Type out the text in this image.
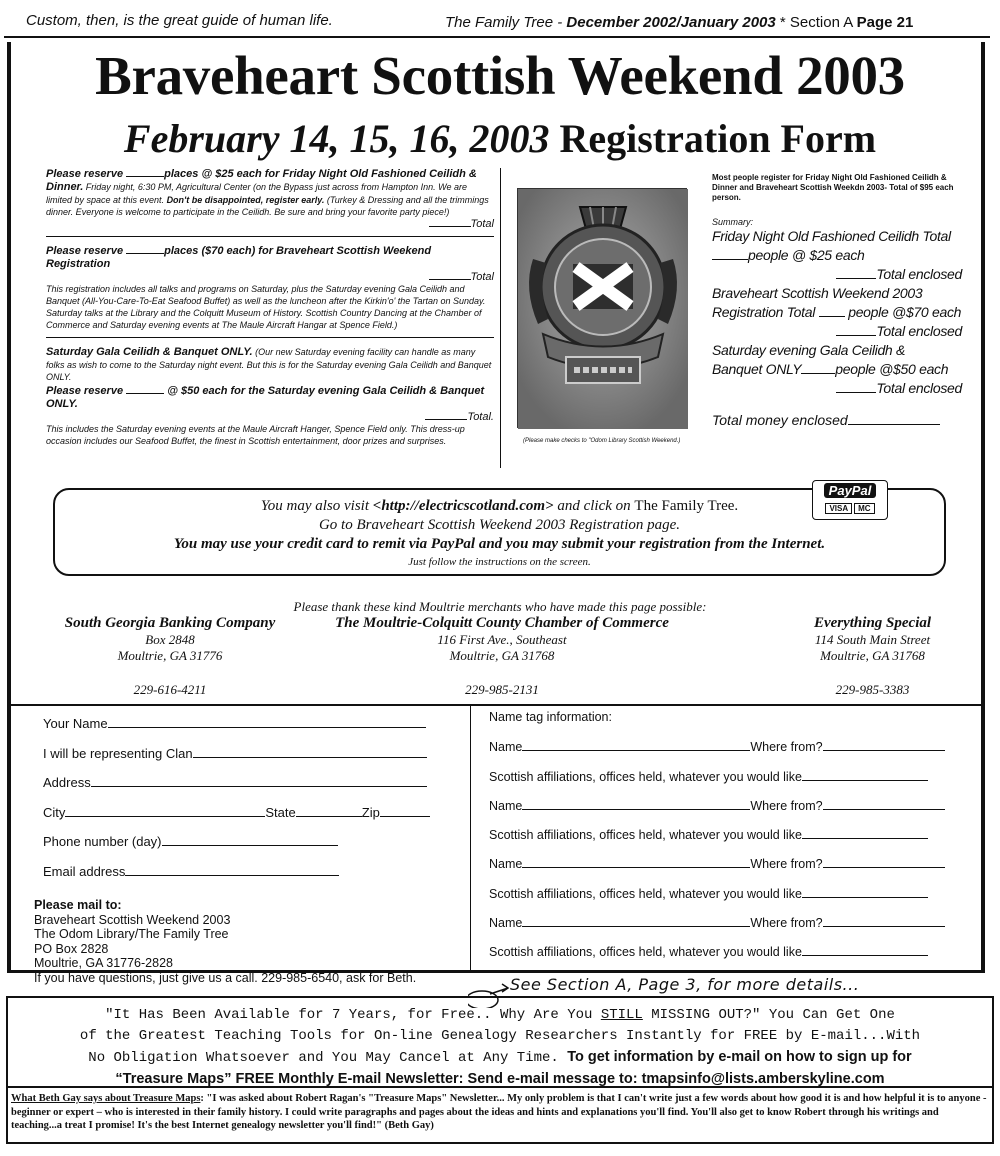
Custom, then, is the great guide of human life.	The Family Tree - December 2002/January 2003 * Section A Page 21
Braveheart Scottish Weekend 2003
February 14, 15, 16, 2003 Registration Form
Please reserve	places @ $25 each for Friday Night Old Fashioned Ceilidh & Dinner. Friday night, 6:30 PM, Agricultural Center (on the Bypass just across from Hampton Inn. We are limited by space at this event. Don't be disappointed, register early. (Turkey & Dressing and all the trimmings dinner. Everyone is welcome to participate in the Ceilidh. Be sure and bring your favorite party piece!)
Total
Please reserve	places ($70 each) for Braveheart Scottish Weekend Registration
Total
This registration includes all talks and programs on Saturday, plus the Saturday evening Gala Ceilidh and Banquet (All-You-Care-To-Eat Seafood Buffet) as well as the luncheon after the Kirkin'o' the Tartan on Sunday. Saturday talks at the Library and the Colquitt Museum of History. Scottish Country Dancing at the Chamber of Commerce and Saturday evening events at The Maule Aircraft Hangar at Spence Field.)
Saturday Gala Ceilidh & Banquet ONLY. (Our new Saturday evening facility can handle as many folks as wish to come to the Saturday night event. But this is for the Saturday evening Gala Ceilidh and Banquet ONLY.
Please reserve	@ $50 each for the Saturday evening Gala Ceilidh & Banquet ONLY.
Total.
This includes the Saturday evening events at the Maule Aircraft Hanger, Spence Field only. This dress-up occasion includes our Seafood Buffet, the finest in Scottish entertainment, door prizes and surprises.	(Please make checks to "Odom Library Scottish Weekend.)
Most people register for Friday Night Old Fashioned Ceilidh & Dinner and Braveheart Scottish Weekdn 2003- Total of $95 each person.
Summary:
Friday Night Old Fashioned Ceilidh Total
people @ $25 each
Total enclosed
Braveheart Scottish Weekend 2003
Registration Total  people @$70 each
Total enclosed
Saturday evening Gala Ceilidh &
Banquet ONLY people @$50 each
Total enclosed
Total money enclosed
You may also visit <http://electricscotland.com> and click on The Family Tree.
Go to Braveheart Scottish Weekend 2003 Registration page.
You may use your credit card to remit via PayPal and you may submit your registration from the Internet.
Just follow the instructions on the screen.
PayPal
VISA MC
Please thank these kind Moultrie merchants who have made this page possible:
South Georgia Banking Company
Box 2848
Moultrie, GA 31776
229-616-4211
The Moultrie-Colquitt County Chamber of Commerce
116 First Ave., Southeast
Moultrie, GA 31768
229-985-2131
Everything Special
114 South Main Street
Moultrie, GA 31768
229-985-3383
Your Name
I will be representing Clan
Address
City	State	Zip
Phone number (day)
Email address
Please mail to:
Braveheart Scottish Weekend 2003
The Odom Library/The Family Tree
PO Box 2828
Moultrie, GA 31776-2828
If you have questions, just give us a call. 229-985-6540, ask for Beth.
Name tag information:
Name	Where from?
Scottish affiliations, offices held, whatever you would like
Name	Where from?
Scottish affiliations, offices held, whatever you would like
Name	Where from?
Scottish affiliations, offices held, whatever you would like
Name	Where from?
Scottish affiliations, offices held, whatever you would like
See Section A, Page 3, for more details...
"It Has Been Available for 7 Years, for Free.. Why Are You STILL MISSING OUT?" You Can Get One
of the Greatest Teaching Tools for On-line Genealogy Researchers Instantly for FREE by E-mail...With
No Obligation Whatsoever and You May Cancel at Any Time. To get information by e-mail on how to sign up for
“Treasure Maps” FREE Monthly E-mail Newsletter: Send e-mail message to: tmapsinfo@lists.amberskyline.com
What Beth Gay says about Treasure Maps: "I was asked about Robert Ragan's "Treasure Maps" Newsletter... My only problem is that I can't write just a few words about how good it is and how helpful it is to anyone - beginner or expert – who is interested in their family history. I could write paragraphs and pages about the ideas and hints and explanations you'll find. You'll also get to know Robert through his writings and teaching...a treat I promise! It's the best Internet genealogy newsletter you'll find!" (Beth Gay)
